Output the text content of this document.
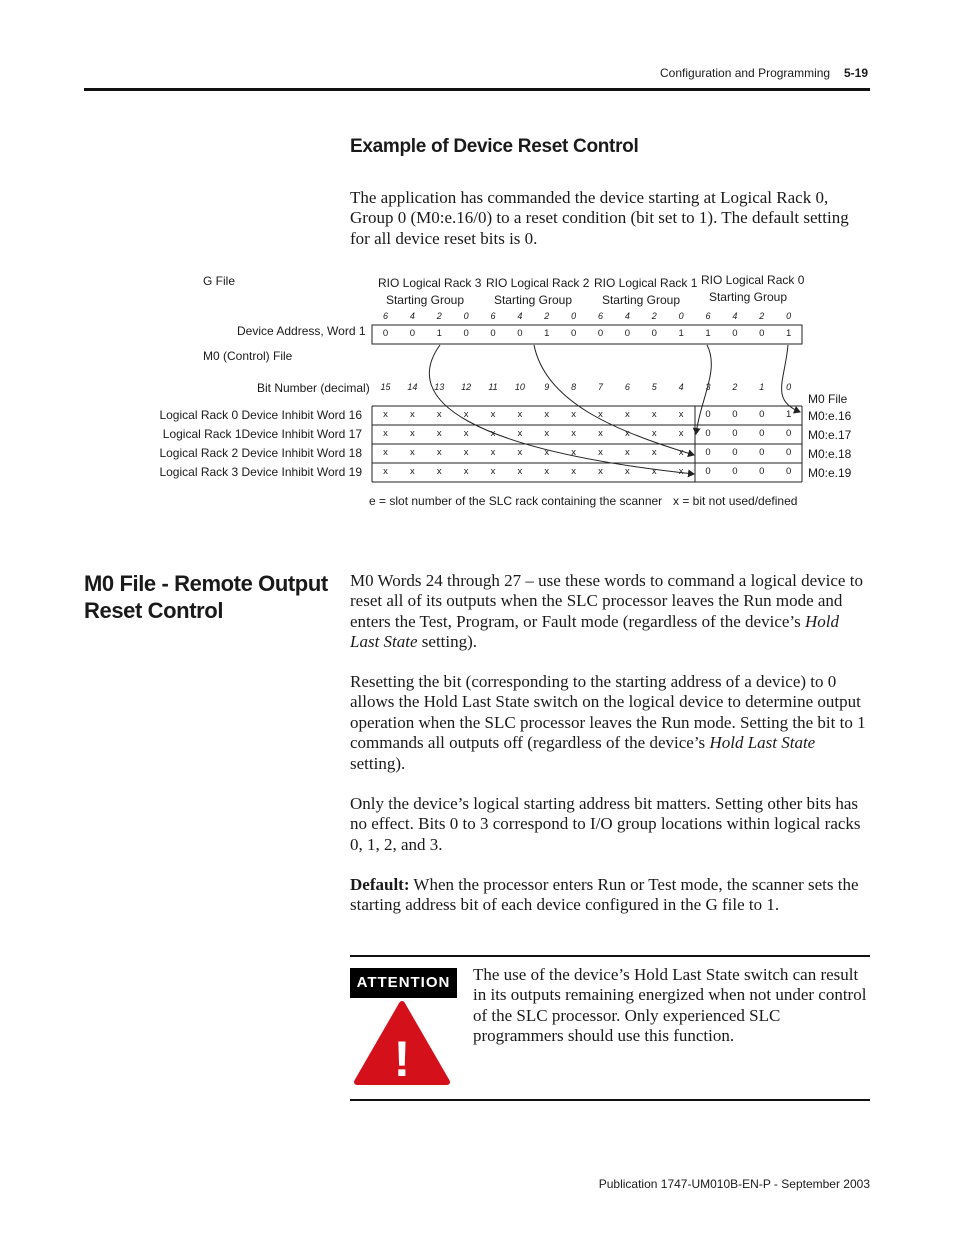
Configuration and Programming 5-19
Example of Device Reset Control

The application has commanded the device starting at Logical Rack 0, Group 0 (M0:e.16/0) to a reset condition (bit set to 1). The default setting for all device reset bits is 0.

G File
Device Address, Word 1
M0 (Control) File
Bit Number (decimal)
M0 File
RIO Logical Rack 3
Starting Group
RIO Logical Rack 2
Starting Group
RIO Logical Rack 1
Starting Group
RIO Logical Rack 0
Starting Group
6	4	2	0	6	4	2	0	6	4	2	0	6	4	2	0
0	0	1	0	0	0	1	0	0	0	0	1	1	0	0	1
15	14	13	12	11	10	9	8	7	6	5	4	3	2	1	0
Logical Rack 0 Device Inhibit Word 16	x	x	x	x	x	x	x	x	x	x	x	x	0	0	0	1	M0:e.16
Logical Rack 1Device Inhibit Word 17	x	x	x	x	x	x	x	x	x	x	x	x	0	0	0	0	M0:e.17
Logical Rack 2 Device Inhibit Word 18	x	x	x	x	x	x	x	x	x	x	x	x	0	0	0	0	M0:e.18
Logical Rack 3 Device Inhibit Word 19	x	x	x	x	x	x	x	x	x	x	x	x	0	0	0	0	M0:e.19
e = slot number of the SLC rack containing the scanner x = bit not used/defined
M0 File - Remote Output
Reset Control

M0 Words 24 through 27 – use these words to command a logical device to reset all of its outputs when the SLC processor leaves the Run mode and enters the Test, Program, or Fault mode (regardless of the device’s Hold Last State setting).

Resetting the bit (corresponding to the starting address of a device) to 0 allows the Hold Last State switch on the logical device to determine output operation when the SLC processor leaves the Run mode. Setting the bit to 1 commands all outputs off (regardless of the device’s Hold Last State setting).

Only the device’s logical starting address bit matters. Setting other bits has no effect. Bits 0 to 3 correspond to I/O group locations within logical racks 0, 1, 2, and 3.

Default: When the processor enters Run or Test mode, the scanner sets the starting address bit of each device configured in the G file to 1.

ATTENTION
!

The use of the device’s Hold Last State switch can result in its outputs remaining energized when not under control of the SLC processor. Only experienced SLC programmers should use this function.

Publication 1747-UM010B-EN-P - September 2003
